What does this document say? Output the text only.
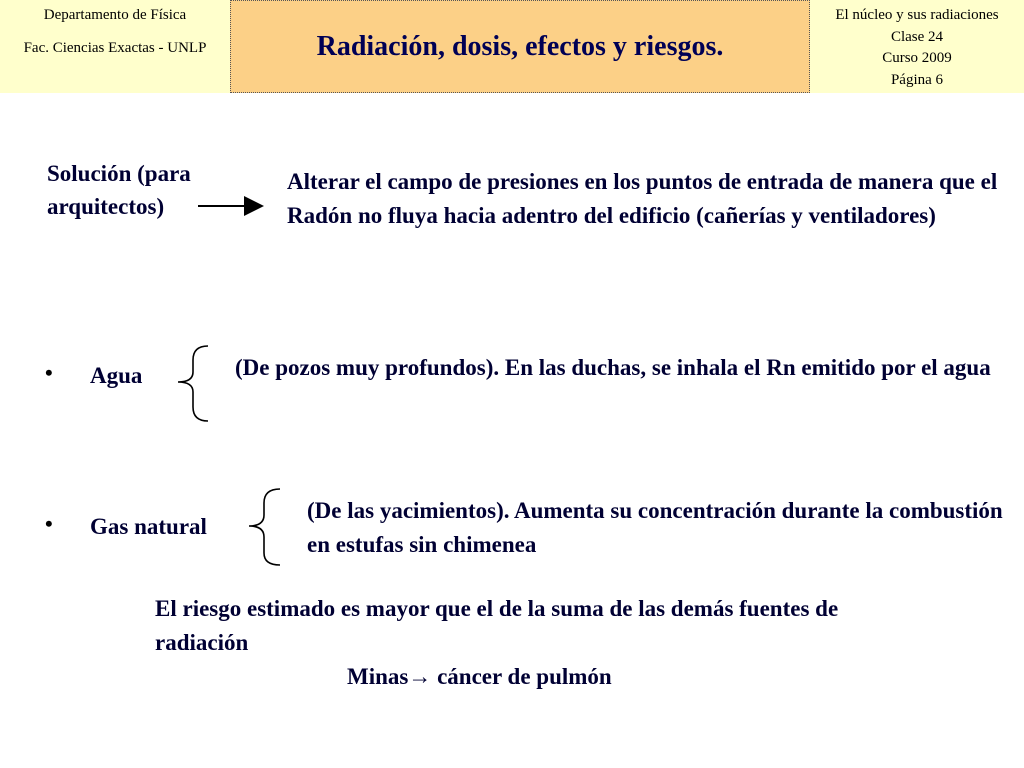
Departamento de Física
Fac. Ciencias Exactas - UNLP	Radiación, dosis, efectos y riesgos.
El núcleo y sus radiaciones
Clase 24
Curso 2009
Página 6
Solución (para arquitectos)
Alterar el campo de presiones en los puntos de entrada de manera que el Radón no fluya hacia adentro del edificio (cañerías y ventiladores)
• Agua	(De pozos muy profundos). En las duchas, se inhala el Rn emitido por el agua
• Gas natural
(De las yacimientos). Aumenta su concentración durante la combustión en estufas sin chimenea
El riesgo estimado es mayor que el de la suma de las demás fuentes de radiación
Minas→ cáncer de pulmón
